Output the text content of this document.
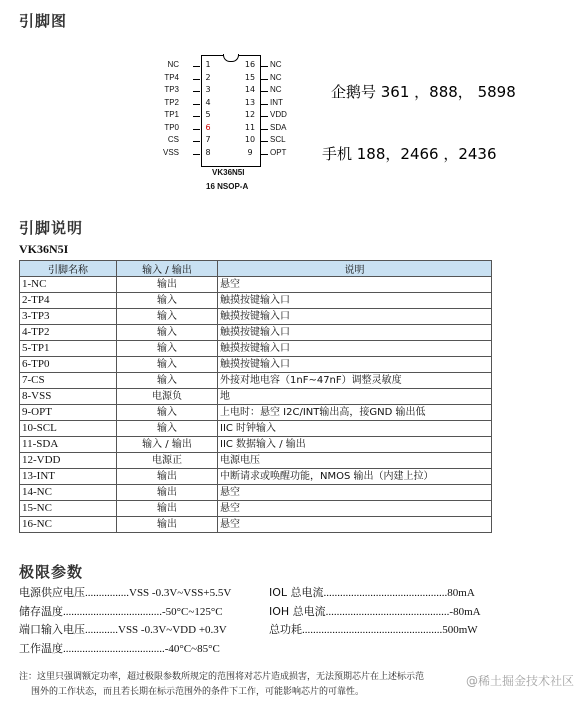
引脚图
NC	1
TP4	2
TP3	3
TP2	4
TP1	5
TP0	6
CS	7
VSS	8
16 NC
15 NC
14 NC
13 INT
12 VDD
11 SDA
10 SCL
9	OPT
VK36N5I
16 NSOP-A
企鹅号 361 ，888， 5898
手机 188，2466 ，2436
引脚说明
VK36N5I
引脚名称	输入 / 输出	说明
1-NC	输出	悬空
2-TP4	输入	触摸按键输入口
3-TP3	输入	触摸按键输入口
4-TP2	输入	触摸按键输入口
5-TP1	输入	触摸按键输入口
6-TP0	输入	触摸按键输入口
7-CS	输入	外接对地电容（1nF~47nF）调整灵敏度
8-VSS	电源负	地
9-OPT	输入	上电时：悬空 I2C/INT输出高，接GND 输出低
10-SCL	输入	IIC 时钟输入
11-SDA	输入 / 输出	IIC 数据输入 / 输出
12-VDD	电源正	电源电压
13-INT	输出	中断请求或唤醒功能，NMOS 输出（内建上拉）
14-NC	输出	悬空
15-NC	输出	悬空
16-NC	输出	悬空
极限参数
电源供应电压................VSS -0.3V~VSS+5.5V
储存温度....................................-50°C~125°C
端口输入电压............VSS -0.3V~VDD +0.3V
工作温度.....................................-40°C~85°C
IOL 总电流.............................................80mA
IOH 总电流.............................................-80mA
总功耗...................................................500mW
注：这里只强调额定功率，超过极限参数所规定的范围将对芯片造成损害，无法预期芯片在上述标示范
围外的工作状态，而且若长期在标示范围外的条件下工作，可能影响芯片的可靠性。
@稀土掘金技术社区
